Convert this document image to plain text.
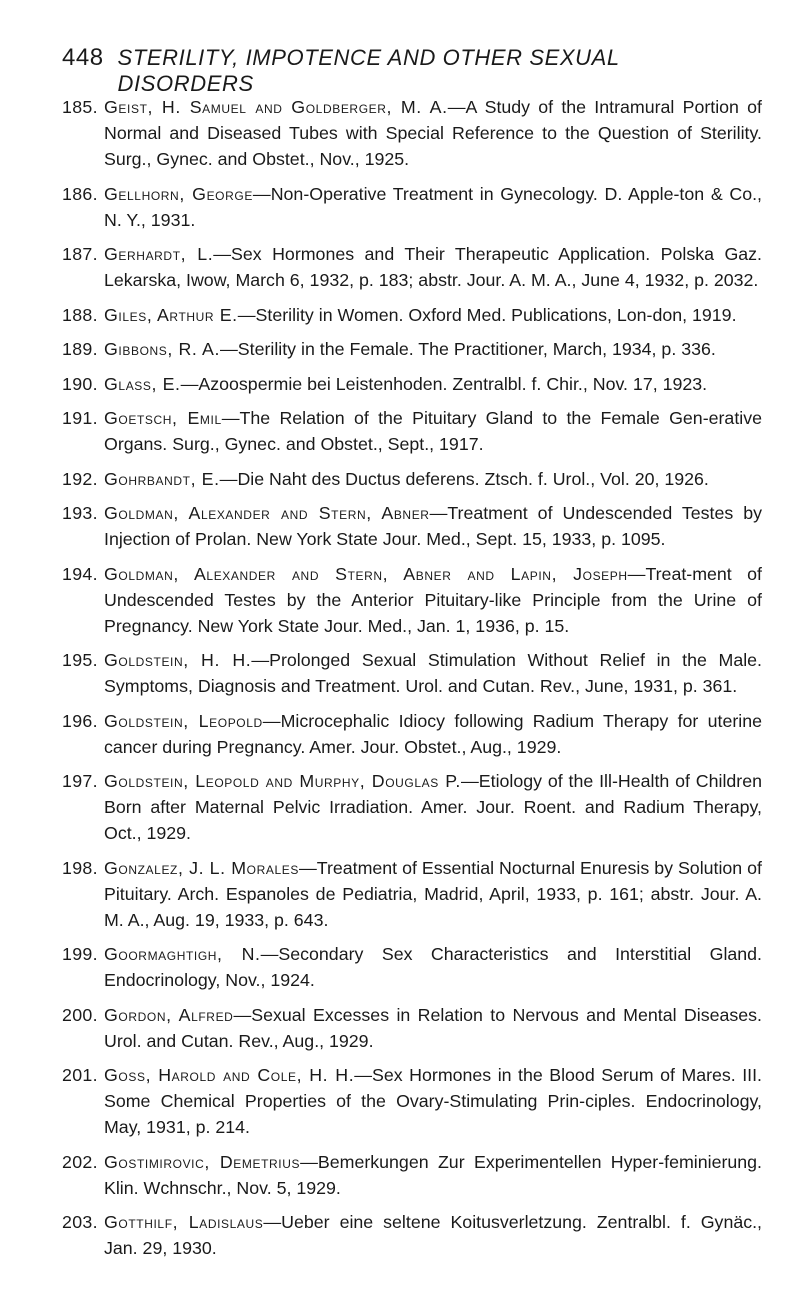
448 STERILITY, IMPOTENCE AND OTHER SEXUAL DISORDERS
185. Geist, H. Samuel and Goldberger, M. A.—A Study of the Intramural Portion of Normal and Diseased Tubes with Special Reference to the Question of Sterility. Surg., Gynec. and Obstet., Nov., 1925.
186. Gellhorn, George—Non-Operative Treatment in Gynecology. D. Apple-ton & Co., N. Y., 1931.
187. Gerhardt, L.—Sex Hormones and Their Therapeutic Application. Polska Gaz. Lekarska, Iwow, March 6, 1932, p. 183; abstr. Jour. A. M. A., June 4, 1932, p. 2032.
188. Giles, Arthur E.—Sterility in Women. Oxford Med. Publications, Lon-don, 1919.
189. Gibbons, R. A.—Sterility in the Female. The Practitioner, March, 1934, p. 336.
190. Glass, E.—Azoospermie bei Leistenhoden. Zentralbl. f. Chir., Nov. 17, 1923.
191. Goetsch, Emil—The Relation of the Pituitary Gland to the Female Gen-erative Organs. Surg., Gynec. and Obstet., Sept., 1917.
192. Gohrbandt, E.—Die Naht des Ductus deferens. Ztsch. f. Urol., Vol. 20, 1926.
193. Goldman, Alexander and Stern, Abner—Treatment of Undescended Testes by Injection of Prolan. New York State Jour. Med., Sept. 15, 1933, p. 1095.
194. Goldman, Alexander and Stern, Abner and Lapin, Joseph—Treat-ment of Undescended Testes by the Anterior Pituitary-like Principle from the Urine of Pregnancy. New York State Jour. Med., Jan. 1, 1936, p. 15.
195. Goldstein, H. H.—Prolonged Sexual Stimulation Without Relief in the Male. Symptoms, Diagnosis and Treatment. Urol. and Cutan. Rev., June, 1931, p. 361.
196. Goldstein, Leopold—Microcephalic Idiocy following Radium Therapy for uterine cancer during Pregnancy. Amer. Jour. Obstet., Aug., 1929.
197. Goldstein, Leopold and Murphy, Douglas P.—Etiology of the Ill-Health of Children Born after Maternal Pelvic Irradiation. Amer. Jour. Roent. and Radium Therapy, Oct., 1929.
198. Gonzalez, J. L. Morales—Treatment of Essential Nocturnal Enuresis by Solution of Pituitary. Arch. Espanoles de Pediatria, Madrid, April, 1933, p. 161; abstr. Jour. A. M. A., Aug. 19, 1933, p. 643.
199. Goormaghtigh, N.—Secondary Sex Characteristics and Interstitial Gland. Endocrinology, Nov., 1924.
200. Gordon, Alfred—Sexual Excesses in Relation to Nervous and Mental Diseases. Urol. and Cutan. Rev., Aug., 1929.
201. Goss, Harold and Cole, H. H.—Sex Hormones in the Blood Serum of Mares. III. Some Chemical Properties of the Ovary-Stimulating Prin-ciples. Endocrinology, May, 1931, p. 214.
202. Gostimirovic, Demetrius—Bemerkungen Zur Experimentellen Hyper-feminierung. Klin. Wchnschr., Nov. 5, 1929.
203. Gotthilf, Ladislaus—Ueber eine seltene Koitusverletzung. Zentralbl. f. Gynäc., Jan. 29, 1930.
